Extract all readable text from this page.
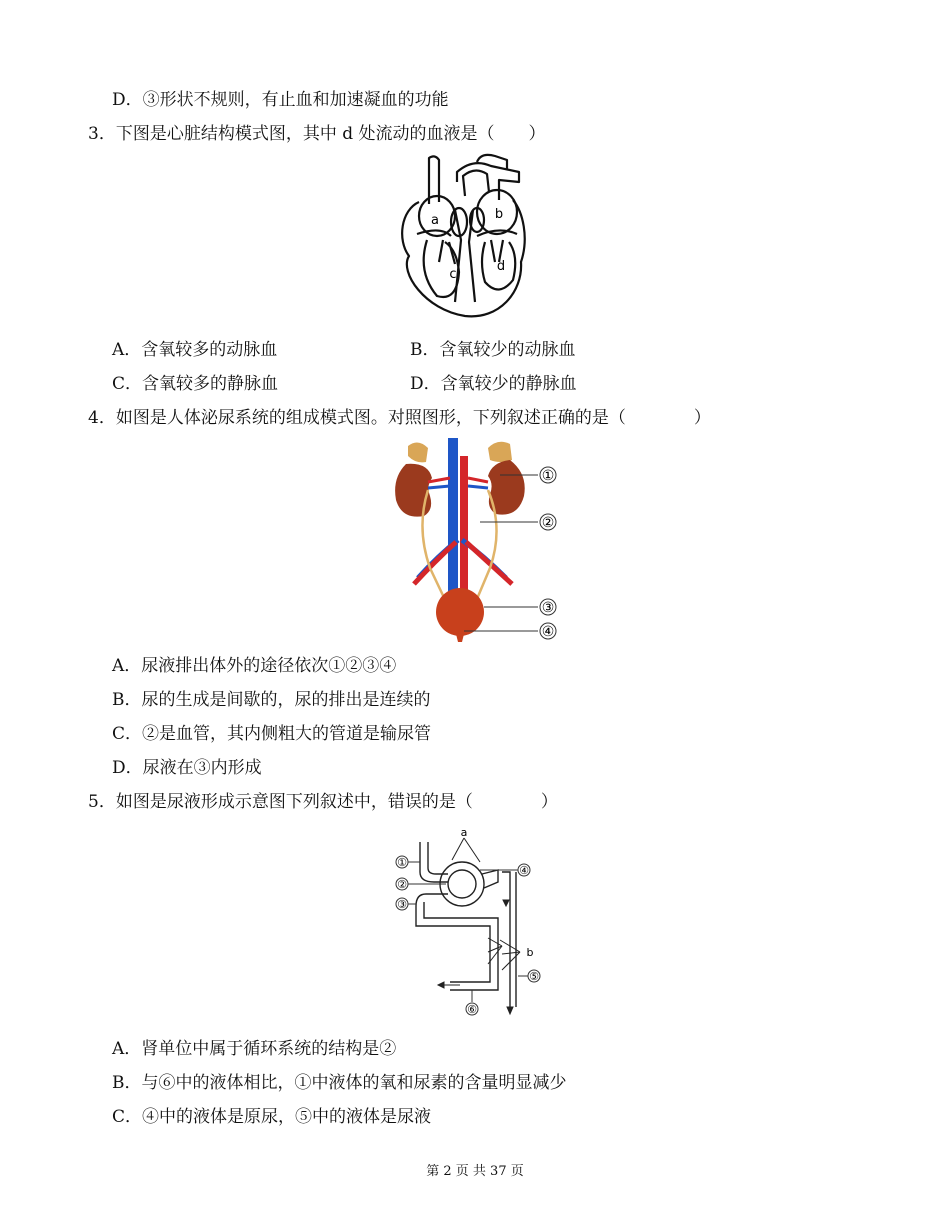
D．③形状不规则，有止血和加速凝血的功能
3．下图是心脏结构模式图，其中 d 处流动的血液是（　　）
a	b
c
d
A．含氧较多的动脉血	B．含氧较少的动脉血
C．含氧较多的静脉血	D．含氧较少的静脉血
4．如图是人体泌尿系统的组成模式图。对照图形，下列叙述正确的是（　　　　）
①
②
③
④
A．尿液排出体外的途径依次①②③④
B．尿的生成是间歇的，尿的排出是连续的
C．②是血管，其内侧粗大的管道是输尿管
D．尿液在③内形成
5．如图是尿液形成示意图下列叙述中，错误的是（　　　　）
a
b
①
②
③
④
⑤
⑥
A．肾单位中属于循环系统的结构是②
B．与⑥中的液体相比，①中液体的氧和尿素的含量明显减少
C．④中的液体是原尿，⑤中的液体是尿液
第 2 页 共 37 页
